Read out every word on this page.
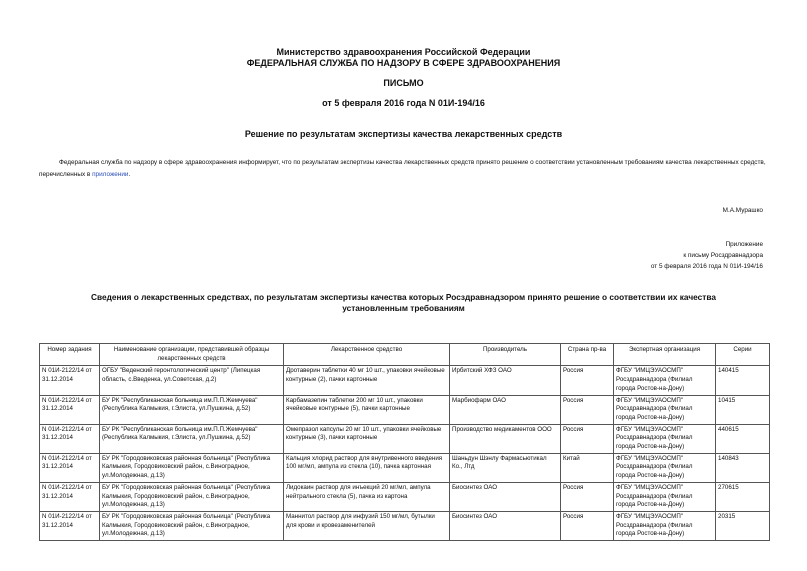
Министерство здравоохранения Российской Федерации
ФЕДЕРАЛЬНАЯ СЛУЖБА ПО НАДЗОРУ В СФЕРЕ ЗДРАВООХРАНЕНИЯ
ПИСЬМО
от 5 февраля 2016 года N 01И-194/16
Решение по результатам экспертизы качества лекарственных средств
Федеральная служба по надзору в сфере здравоохранения информирует, что по результатам экспертизы качества лекарственных средств принято решение о соответствии установленным требованиям качества лекарственных средств, перечисленных в приложении.
М.А.Мурашко
Приложение
к письму Росздравнадзора
от 5 февраля 2016 года N 01И-194/16
Сведения о лекарственных средствах, по результатам экспертизы качества которых Росздравнадзором принято решение о соответствии их качества установленным требованиям
Номер задания	Наименование организации, представившей образцы лекарственных средств	Лекарственное средство	Производитель	Страна пр-ва	Экспертная организация	Серии
N 01И-2122/14 от 31.12.2014	ОГБУ "Веденский геронтологический центр" (Липецкая область, с.Введенка, ул.Советская, д.2)	Дротаверин таблетки 40 мг 10 шт., упаковки ячейковые контурные (2), пачки картонные	Ирбитский ХФЗ ОАО	Россия	ФГБУ "ИМЦЭУАОСМП" Росздравнадзора (Филиал города Ростов-на-Дону)	140415
N 01И-2122/14 от 31.12.2014	БУ РК "Республиканская больница им.П.П.Жемчуева" (Республика Калмыкия, г.Элиста, ул.Пушкина, д.52)	Карбамазепин таблетки 200 мг 10 шт., упаковки ячейковые контурные (5), пачки картонные	Марбиофарм ОАО	Россия	ФГБУ "ИМЦЭУАОСМП" Росздравнадзора (Филиал города Ростов-на-Дону)	10415
N 01И-2122/14 от 31.12.2014	БУ РК "Республиканская больница им.П.П.Жемчуева" (Республика Калмыкия, г.Элиста, ул.Пушкина, д.52)	Омепразол капсулы 20 мг 10 шт., упаковки ячейковые контурные (3), пачки картонные	Производство медикаментов ООО	Россия	ФГБУ "ИМЦЭУАОСМП" Росздравнадзора (Филиал города Ростов-на-Дону)	440615
N 01И-2122/14 от 31.12.2014	БУ РК "Городовиковская районная больница" (Республика Калмыкия, Городовиковский район, с.Виноградное, ул.Молодежная, д.13)	Кальция хлорид раствор для внутривенного введения 100 мг/мл, ампула из стекла (10), пачка картонная	Шаньдун Шэнлу Фармасьютикал Ко., Лтд	Китай	ФГБУ "ИМЦЭУАОСМП" Росздравнадзора (Филиал города Ростов-на-Дону)	140843
N 01И-2122/14 от 31.12.2014	БУ РК "Городовиковская районная больница" (Республика Калмыкия, Городовиковский район, с.Виноградное, ул.Молодежная, д.13)	Лидокаин раствор для инъекций 20 мг/мл, ампула нейтрального стекла (5), пачка из картона	Биосинтез ОАО	Россия	ФГБУ "ИМЦЭУАОСМП" Росздравнадзора (Филиал города Ростов-на-Дону)	270615
N 01И-2122/14 от 31.12.2014	БУ РК "Городовиковская районная больница" (Республика Калмыкия, Городовиковский район, с.Виноградное, ул.Молодежная, д.13)	Маннитол раствор для инфузий 150 мг/мл, бутылки для крови и кровезаменителей	Биосинтез ОАО	Россия	ФГБУ "ИМЦЭУАОСМП" Росздравнадзора (Филиал города Ростов-на-Дону)	20315
